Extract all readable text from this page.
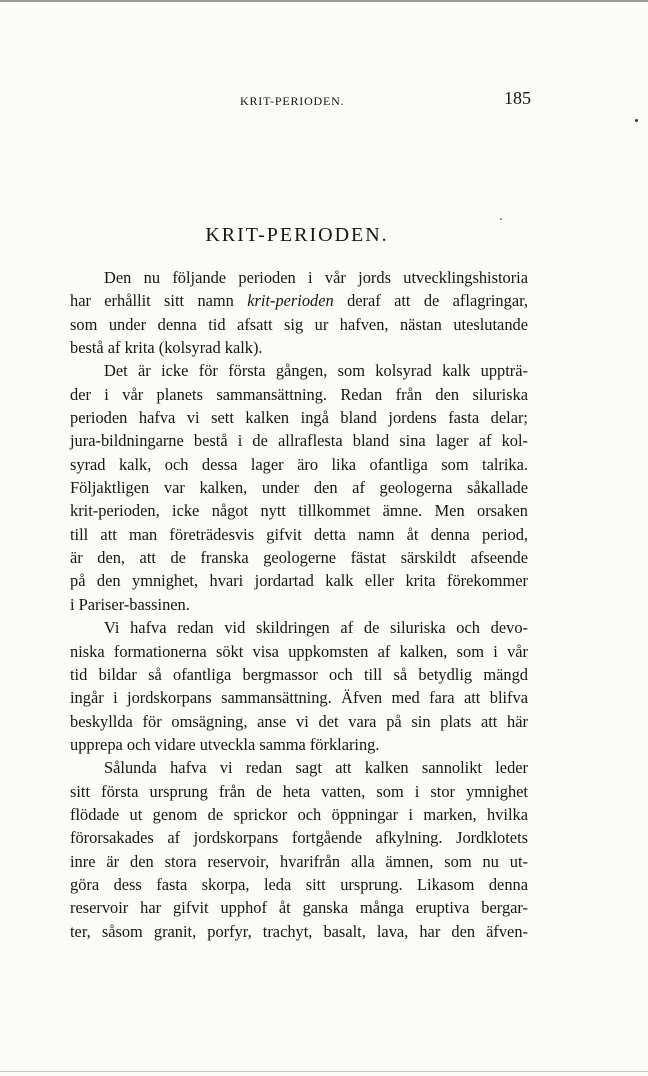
KRIT-PERIODEN.	185
KRIT-PERIODEN.
Den nu följande perioden i vår jords utvecklingshistoria
har erhållit sitt namn krit-perioden deraf att de aflagringar,
som under denna tid afsatt sig ur hafven, nästan uteslutande
bestå af krita (kolsyrad kalk).
Det är icke för första gången, som kolsyrad kalk uppträ-
der i vår planets sammansättning. Redan från den siluriska
perioden hafva vi sett kalken ingå bland jordens fasta delar;
jura-bildningarne bestå i de allraflesta bland sina lager af kol-
syrad kalk, och dessa lager äro lika ofantliga som talrika.
Följaktligen var kalken, under den af geologerna såkallade
krit-perioden, icke något nytt tillkommet ämne. Men orsaken
till att man företrädesvis gifvit detta namn åt denna period,
är den, att de franska geologerne fästat särskildt afseende
på den ymnighet, hvari jordartad kalk eller krita förekommer
i Pariser-bassinen.
Vi hafva redan vid skildringen af de siluriska och devo-
niska formationerna sökt visa uppkomsten af kalken, som i vår
tid bildar så ofantliga bergmassor och till så betydlig mängd
ingår i jordskorpans sammansättning. Äfven med fara att blifva
beskyllda för omsägning, anse vi det vara på sin plats att här
upprepa och vidare utveckla samma förklaring.
Sålunda hafva vi redan sagt att kalken sannolikt leder
sitt första ursprung från de heta vatten, som i stor ymnighet
flödade ut genom de sprickor och öppningar i marken, hvilka
förorsakades af jordskorpans fortgående afkylning. Jordklotets
inre är den stora reservoir, hvarifrån alla ämnen, som nu ut-
göra dess fasta skorpa, leda sitt ursprung. Likasom denna
reservoir har gifvit upphof åt ganska många eruptiva bergar-
ter, såsom granit, porfyr, trachyt, basalt, lava, har den äfven-
